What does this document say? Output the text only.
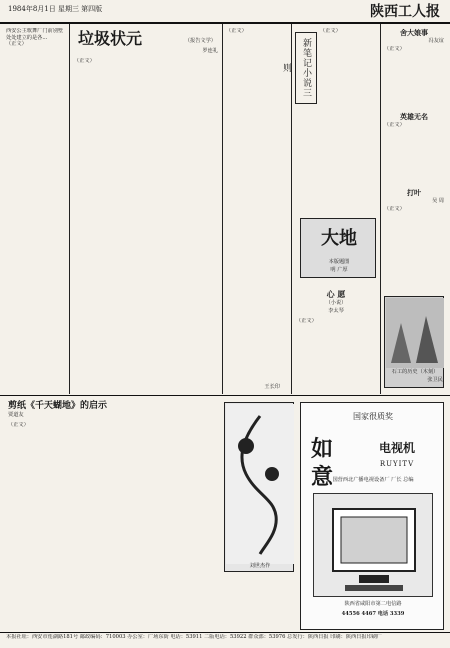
1984年8月1日 星期三 第四版	陕西工人报
西安公主歌舞厂门前别墅处处建立的是各...
（正文）	垃圾状元	（报告文学）
罗连礼
（正文）
（正文）
王长印
新笔记小说三则
（正文）	舍大娘事
冯友谊
（正文）
英雄无名
（正文）
打叶
吴 周
（正文）
大地
本版题图
明 广厚
心 愿
（小说）
李太琴
（正文）
石工的历史（木刻）
张卫民
剪纸《千天蝴地》的启示
贾道友
（正文）
刘世杰作
国家很质奖
如意
电视机
RUYITV
国营西北广播电视设备厂 厂长 总编
陕西省咸阳市第二电信路
44556 4467 电话 3339
本报社址：西安市莲湖路181号 邮政编码：710003 办公室：广场东街 电话：53911 二版电话：53922 群众部：53976 总发行：陕西日报 印刷：陕西日报印刷厂
